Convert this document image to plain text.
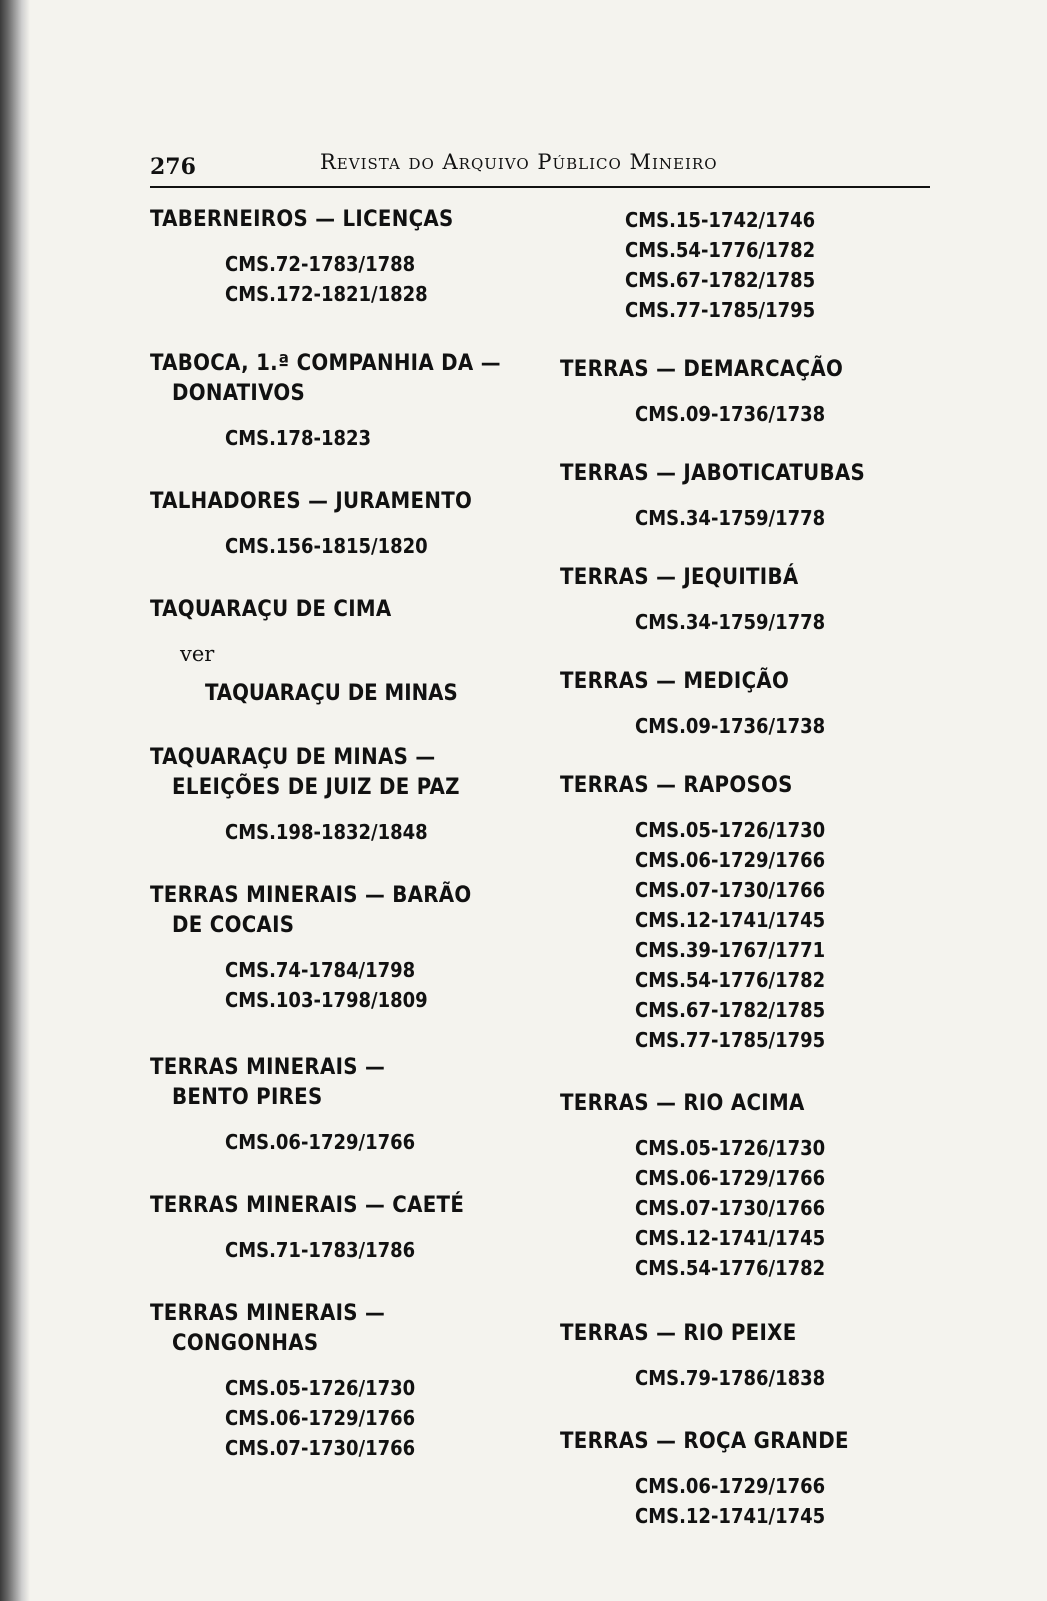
276	Revista do Arquivo Público Mineiro
TABERNEIROS — LICENÇAS
CMS.72-1783/1788
CMS.172-1821/1828
TABOCA, 1.ª COMPANHIA DA —
DONATIVOS
CMS.178-1823
TALHADORES — JURAMENTO
CMS.156-1815/1820
TAQUARAÇU DE CIMA
ver
TAQUARAÇU DE MINAS
TAQUARAÇU DE MINAS —
ELEIÇÕES DE JUIZ DE PAZ
CMS.198-1832/1848
TERRAS MINERAIS — BARÃO
DE COCAIS
CMS.74-1784/1798
CMS.103-1798/1809
TERRAS MINERAIS —
BENTO PIRES
CMS.06-1729/1766
TERRAS MINERAIS — CAETÉ
CMS.71-1783/1786
TERRAS MINERAIS —
CONGONHAS
CMS.05-1726/1730
CMS.06-1729/1766
CMS.07-1730/1766
CMS.15-1742/1746
CMS.54-1776/1782
CMS.67-1782/1785
CMS.77-1785/1795
TERRAS — DEMARCAÇÃO
CMS.09-1736/1738
TERRAS — JABOTICATUBAS
CMS.34-1759/1778
TERRAS — JEQUITIBÁ
CMS.34-1759/1778
TERRAS — MEDIÇÃO
CMS.09-1736/1738
TERRAS — RAPOSOS
CMS.05-1726/1730
CMS.06-1729/1766
CMS.07-1730/1766
CMS.12-1741/1745
CMS.39-1767/1771
CMS.54-1776/1782
CMS.67-1782/1785
CMS.77-1785/1795
TERRAS — RIO ACIMA
CMS.05-1726/1730
CMS.06-1729/1766
CMS.07-1730/1766
CMS.12-1741/1745
CMS.54-1776/1782
TERRAS — RIO PEIXE
CMS.79-1786/1838
TERRAS — ROÇA GRANDE
CMS.06-1729/1766
CMS.12-1741/1745
